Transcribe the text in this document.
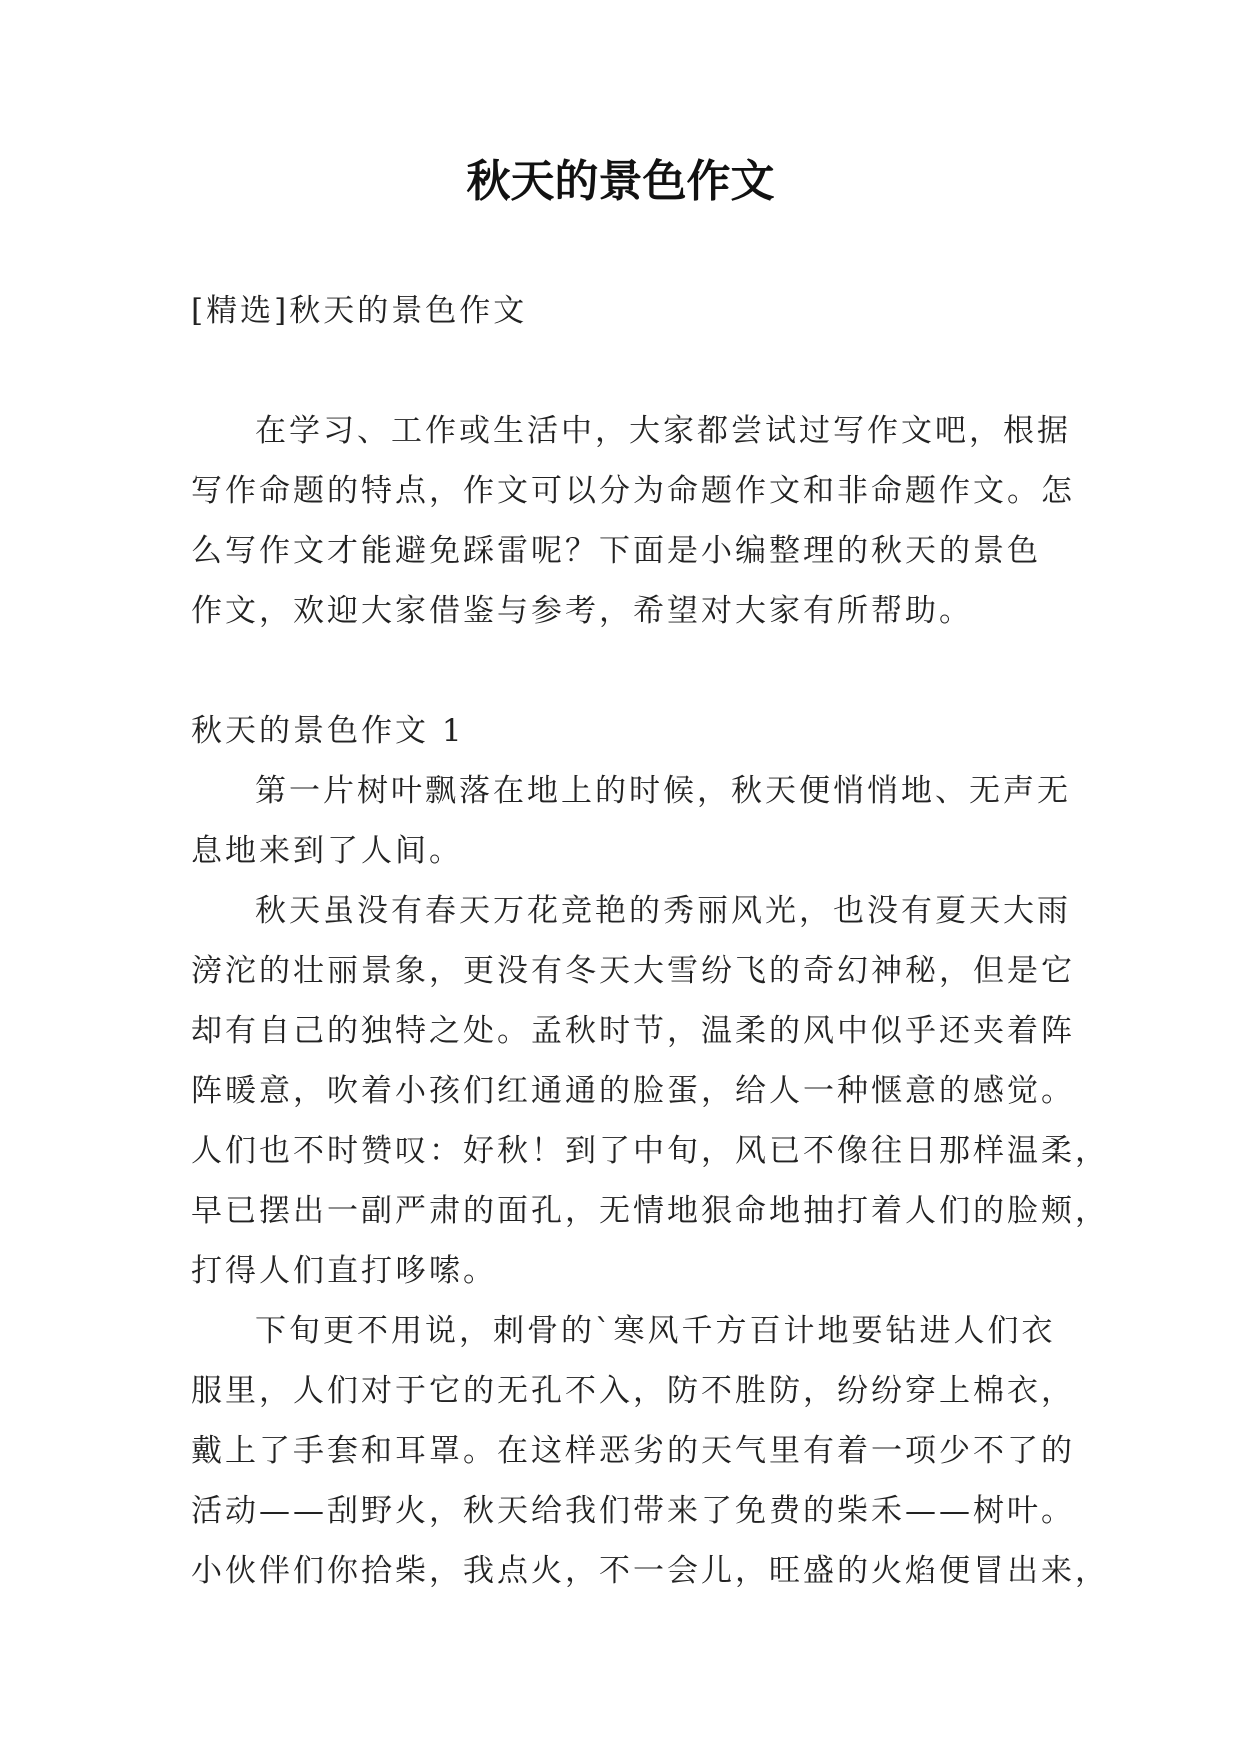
秋天的景色作文

[精选]秋天的景色作文

在学习、工作或生活中，大家都尝试过写作文吧，根据

写作命题的特点，作文可以分为命题作文和非命题作文。怎

么写作文才能避免踩雷呢？下面是小编整理的秋天的景色

作文，欢迎大家借鉴与参考，希望对大家有所帮助。

秋天的景色作文 1

第一片树叶飘落在地上的时候，秋天便悄悄地、无声无

息地来到了人间。

秋天虽没有春天万花竞艳的秀丽风光，也没有夏天大雨

滂沱的壮丽景象，更没有冬天大雪纷飞的奇幻神秘，但是它

却有自己的独特之处。孟秋时节，温柔的风中似乎还夹着阵

阵暖意，吹着小孩们红通通的脸蛋，给人一种惬意的感觉。

人们也不时赞叹：好秋！到了中旬，风已不像往日那样温柔，

早已摆出一副严肃的面孔，无情地狠命地抽打着人们的脸颊，

打得人们直打哆嗦。

下旬更不用说，刺骨的`寒风千方百计地要钻进人们衣

服里，人们对于它的无孔不入，防不胜防，纷纷穿上棉衣，

戴上了手套和耳罩。在这样恶劣的天气里有着一项少不了的

活动——刮野火，秋天给我们带来了免费的柴禾——树叶。

小伙伴们你拾柴，我点火，不一会儿，旺盛的火焰便冒出来，
